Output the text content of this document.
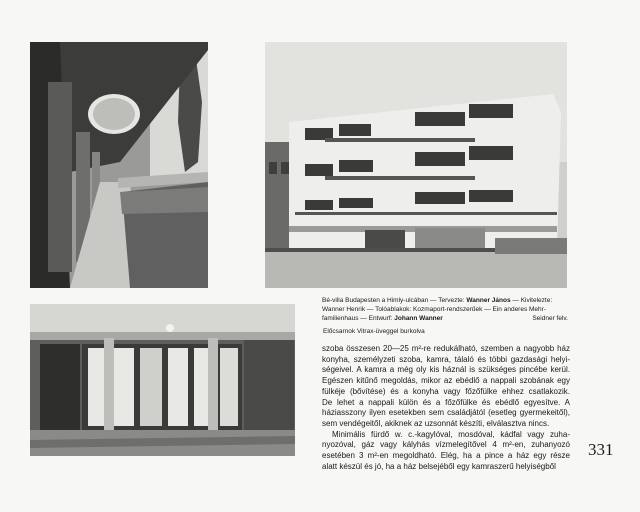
Bé-villa Budapesten a Himly-ulcában — Tervezte: Wanner János — Kivitelezte:
Wanner Henrik — Tolóablakok: Kozmaport-rendszerűek — Ein anderes Mehr-
familienhaus — Entwurf: Johann Wanner	Seidner felv.
Előcsarnok Vitrax-üveggel burkolva
szoba összesen 20—25 m²-re redukálható, szemben a nagyobb ház
konyha, személyzeti szoba, kamra, tálaló és többi gazdasági helyi-
ségeivel. A kamra a még oly kis háznál is szükséges pincébe kerül.
Egészen kitűnő megoldás, mikor az ebédlő a nappali szobának egy
fülkéje (bővítése) és a konyha vagy főzőfülke ehhez csatlakozik.
De lehet a nappali külön és a főzőfülke és ebédlő egyesítve. A
háziasszony ilyen esetekben sem családjától (esetleg gyermekeitől),
sem vendégeitől, akiknek az uzsonnát készíti, elválasztva nincs.
Minimális fürdő w. c.-kagylóval, mosdóval, kádfal vagy zuha-
nyozóval, gáz vagy kályhás vízmelegítővel 4 m²-en, zuhanyozó
esetében 3 m²-en megoldható. Elég, ha a pince a ház egy része
alatt készül és jó, ha a ház belsejéből egy kamraszerű helyiségből
331
